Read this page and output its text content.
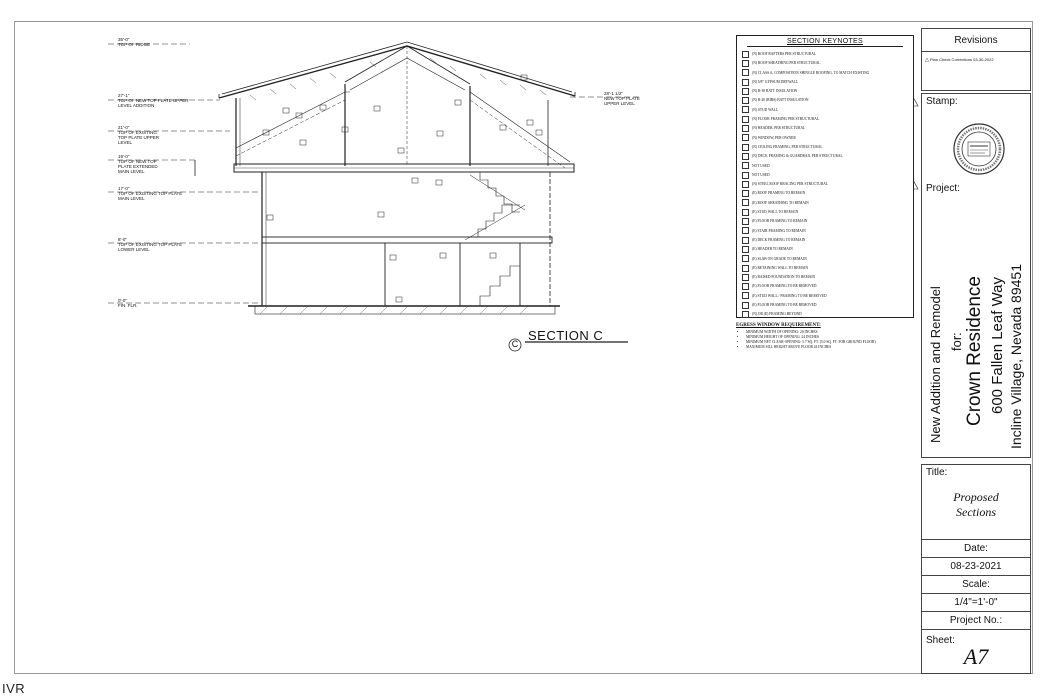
35'-0"
TOP OF RIDGE
27'-1"
TOP OF NEW TOP PLATE UPPER LEVEL ADDITION
21'-0"
TOP OF EXISTING TOP PLATE UPPER LEVEL
19'-0"
TOP OF NEW TOP PLATE EXTENDED MAIN LEVEL
17'-0"
TOP OF EXISTING TOP PLATE MAIN LEVEL
8'-0"
TOP OF EXISTING TOP PLATE LOWER LEVEL
0'-0"
FIN. FLR.
28'-1 1/2"
NEW TOP PLATE UPPER LEVEL
C
SECTION C
SECTION KEYNOTES
(N) ROOF RAFTERS PER STRUCTURAL
(N) ROOF SHEATHING PER STRUCTURAL
(N) CLASS A, COMPOSITION SHINGLE ROOFING, TO MATCH EXISTING
(N) 5/8" GYPSUM DRYWALL
(N) R-38 BATT INSULATION
(N) R-20 (BIBS) BATT INSULATION
(N) STUD WALL
(N) FLOOR FRAMING PER STRUCTURAL
(N) HEADER, PER STRUCTURAL
(N) WINDOW, PER OWNER
(N) CEILING FRAMING, PER STRUCTURAL
(N) DECK FRAMING & GUARDRAIL PER STRUCTURAL
NOT USED
NOT USED
(N) STEEL ROOF BRACING PER STRUCTURAL
(E) ROOF FRAMING TO REMAIN
(E) ROOF SHEATHING TO REMAIN
(E) STUD WALL TO REMAIN
(E) FLOOR FRAMING TO REMAIN
(E) STAIR FRAMING TO REMAIN
(E) DECK FRAMING TO REMAIN
(E) HEADER TO REMAIN
(E) SLAB ON GRADE TO REMAIN
(E) RETAINING WALL TO REMAIN
(E) RAISED FOUNDATION TO REMAIN
(E) FLOOR FRAMING TO BE REMOVED
(E) STUD WALL / FRAMING TO BE REMOVED
(E) FLOOR FRAMING TO BE REMOVED
(N) OR (E) FRAMING BEYOND
EGRESS WINDOW REQUIREMENT:
• MINIMUM WIDTH OF OPENING: 20 INCHES
• MINIMUM HEIGHT OF OPENING: 24 INCHES
• MINIMUM NET CLEAR OPENING: 5.7 SQ. FT. (5.0 SQ. FT. FOR GROUND FLOOR)
• MAXIMUM SILL HEIGHT ABOVE FLOOR 44 INCHES
Revisions
△ Plan Check Corrections 03-30-2022
Stamp:
Project:
New Addition and Remodel for: Crown Residence 600 Fallen Leaf Way Incline Village, Nevada 89451
Title:
Proposed
Sections
Date:
08-23-2021
Scale:
1/4"=1'-0"
Project No.:
Sheet:
A7
IVR
